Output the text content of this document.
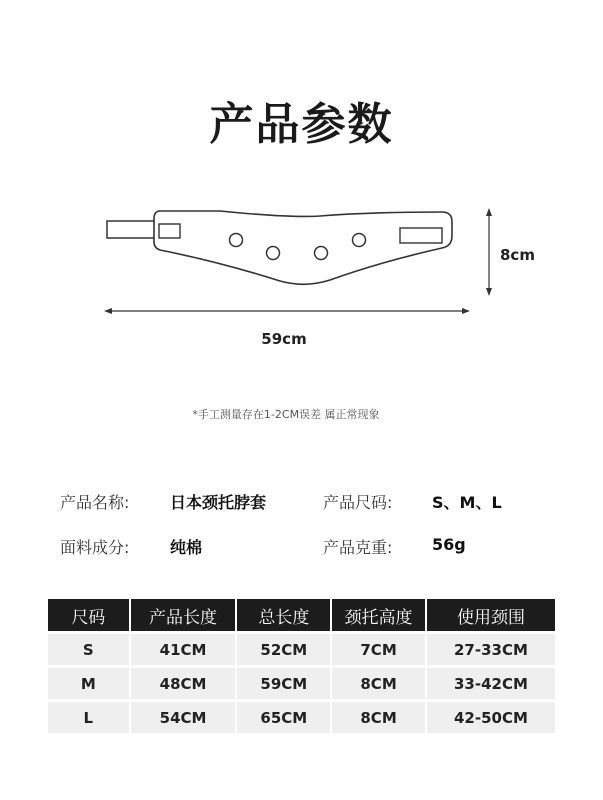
产品参数
59cm
8cm
*手工测量存在1-2CM误差 属正常现象
产品名称:	日本颈托脖套	产品尺码: S、M、L
面料成分:	纯棉	产品克重: 56g
尺码	产品长度	总长度	颈托高度	使用颈围
S	41CM	52CM	7CM	27-33CM
M	48CM	59CM	8CM	33-42CM
L	54CM	65CM	8CM	42-50CM
